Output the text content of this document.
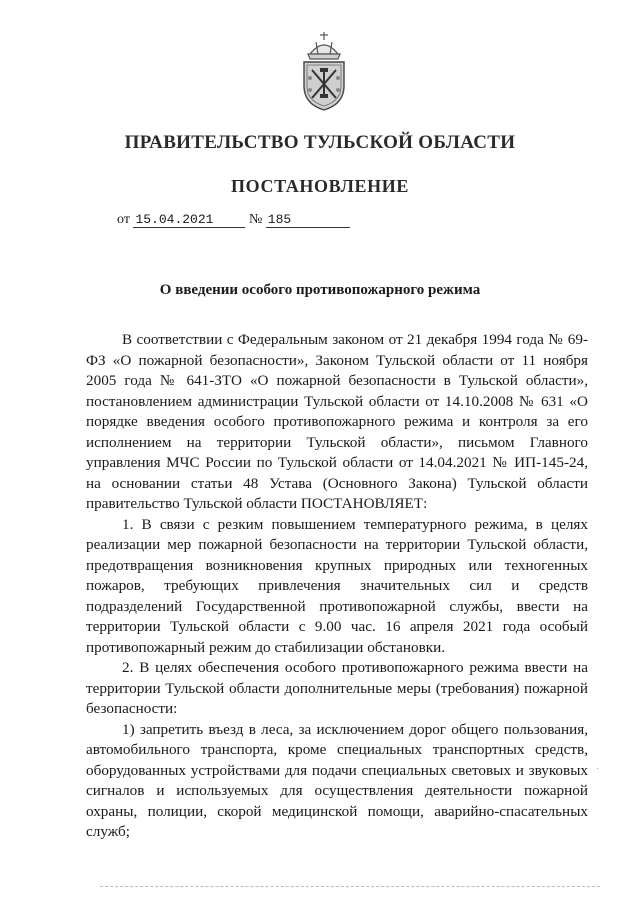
ПРАВИТЕЛЬСТВО ТУЛЬСКОЙ ОБЛАСТИ
ПОСТАНОВЛЕНИЕ
от 15.04.2021	№ 185
О введении особого противопожарного режима

В соответствии с Федеральным законом от 21 декабря 1994 года № 69-ФЗ «О пожарной безопасности», Законом Тульской области от 11 ноября 2005 года № 641-ЗТО «О пожарной безопасности в Тульской области», постановлением администрации Тульской области от 14.10.2008 № 631 «О порядке введения особого противопожарного режима и контроля за его исполнением на территории Тульской области», письмом Главного управления МЧС России по Тульской области от 14.04.2021 № ИП-145-24, на основании статьи 48 Устава (Основного Закона) Тульской области правительство Тульской области ПОСТАНОВЛЯЕТ:

1. В связи с резким повышением температурного режима, в целях реализации мер пожарной безопасности на территории Тульской области, предотвращения возникновения крупных природных или техногенных пожаров, требующих привлечения значительных сил и средств подразделений Государственной противопожарной службы, ввести на территории Тульской области с 9.00 час. 16 апреля 2021 года особый противопожарный режим до стабилизации обстановки.

2. В целях обеспечения особого противопожарного режима ввести на территории Тульской области дополнительные меры (требования) пожарной безопасности:

1) запретить въезд в леса, за исключением дорог общего пользования, автомобильного транспорта, кроме специальных транспортных средств, оборудованных устройствами для подачи специальных световых и звуковых сигналов и используемых для осуществления деятельности пожарной охраны, полиции, скорой медицинской помощи, аварийно-спасательных служб;

·
